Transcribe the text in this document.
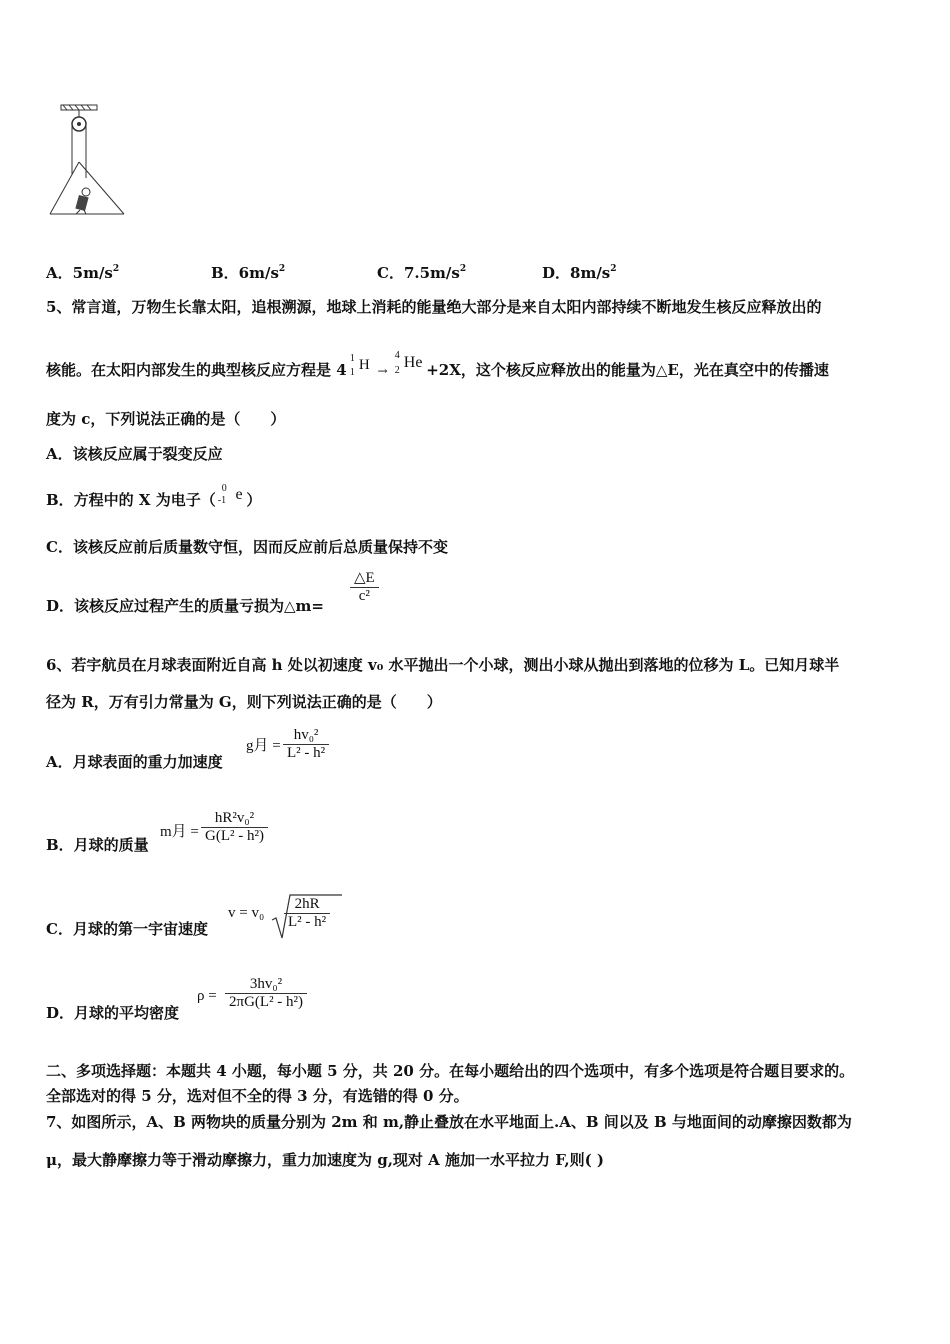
A．$5m/s^2$	B．$6m/s^2$	C．$7.5m/s^2$	D．$8m/s^2$
5、常言道，万物生长靠太阳，追根溯源，地球上消耗的能量绝大部分是来自太阳内部持续不断地发生核反应释放出的
核能。在太阳内部发生的典型核反应方程是 4
1
1 H →
4
2 He +2X，这个核反应释放出的能量为△E，光在真空中的传播速
度为 c，下列说法正确的是（　　）
A．该核反应属于裂变反应
B．方程中的 X 为电子（
0
-1 e ）
C．该核反应前后质量数守恒，因而反应前后总质量保持不变
D．该核反应过程产生的质量亏损为△m=
△E
c²
6、若宇航员在月球表面附近自高 h 处以初速度 v₀ 水平抛出一个小球，测出小球从抛出到落地的位移为 L。已知月球半
径为 R，万有引力常量为 G，则下列说法正确的是（　　）
A．月球表面的重力加速度
g月 =
hv₀²
L² - h²
B．月球的质量
m月 =
hR²v₀²
G(L² - h²)
C．月球的第一宇宙速度
v = v₀
2hR
L² - h²
D．月球的平均密度
ρ =
3hv₀²
2πG(L² - h²)
二、多项选择题：本题共 4 小题，每小题 5 分，共 20 分。在每小题给出的四个选项中，有多个选项是符合题目要求的。
全部选对的得 5 分，选对但不全的得 3 分，有选错的得 0 分。
7、如图所示，A、B 两物块的质量分别为 2m 和 m,静止叠放在水平地面上.A、B 间以及 B 与地面间的动摩擦因数都为
μ，最大静摩擦力等于滑动摩擦力，重力加速度为 g,现对 A 施加一水平拉力 F,则( )
